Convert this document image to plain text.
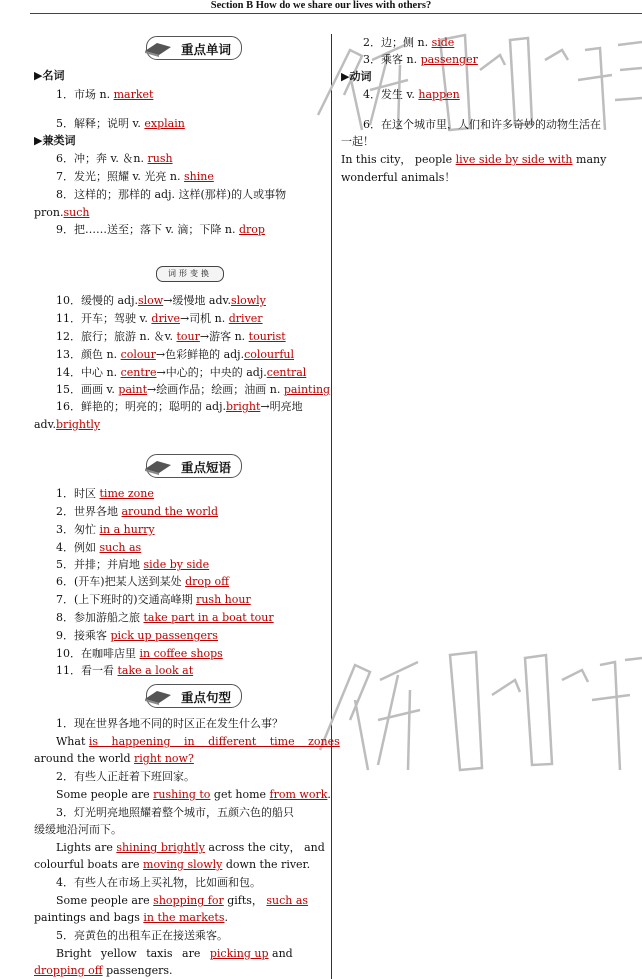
Section B How do we share our lives with others?
重点单词
▶名词
1．市场 n. market
5．解释；说明 v. explain
▶兼类词
6．冲；奔 v. ＆n. rush
7．发光；照耀 v. 光亮 n. shine
8．这样的；那样的 adj. 这样(那样)的人或事物
pron.such
9．把……送至；落下 v. 滴；下降 n. drop
词形变换
10．缓慢的 adj.slow→缓慢地 adv.slowly
11．开车；驾驶 v. drive→司机 n. driver
12．旅行；旅游 n. ＆v. tour→游客 n. tourist
13．颜色 n. colour→色彩鲜艳的 adj.colourful
14．中心 n. centre→中心的；中央的 adj.central
15．画画 v. paint→绘画作品；绘画；油画 n. painting
16．鲜艳的；明亮的；聪明的 adj.bright→明亮地
adv.brightly
重点短语
1．时区 time zone
2．世界各地 around the world
3．匆忙 in a hurry
4．例如 such as
5．并排；并肩地 side by side
6．(开车)把某人送到某处 drop off
7．(上下班时的)交通高峰期 rush hour
8．参加游船之旅 take part in a boat tour
9．接乘客 pick up passengers
10．在咖啡店里 in coffee shops
11．看一看 take a look at
重点句型
1．现在世界各地不同的时区正在发生什么事？
What is happening in different time zones
around the world right now?
2．有些人正赶着下班回家。
Some people are rushing to get home from work.
3．灯光明亮地照耀着整个城市，五颜六色的船只
缓缓地沿河而下。
Lights are shining brightly across the city， and
colourful boats are moving slowly down the river.
4．有些人在市场上买礼物，比如画和包。
Some people are shopping for gifts， such as
paintings and bags in the markets.
5．亮黄色的出租车正在接送乘客。
Bright yellow taxis are picking up and
dropping off passengers.
2．边；侧 n. side
3．乘客 n. passenger
▶动词
4．发生 v. happen
6．在这个城市里，人们和许多奇妙的动物生活在
一起！
In this city， people live side by side with many
wonderful animals！
